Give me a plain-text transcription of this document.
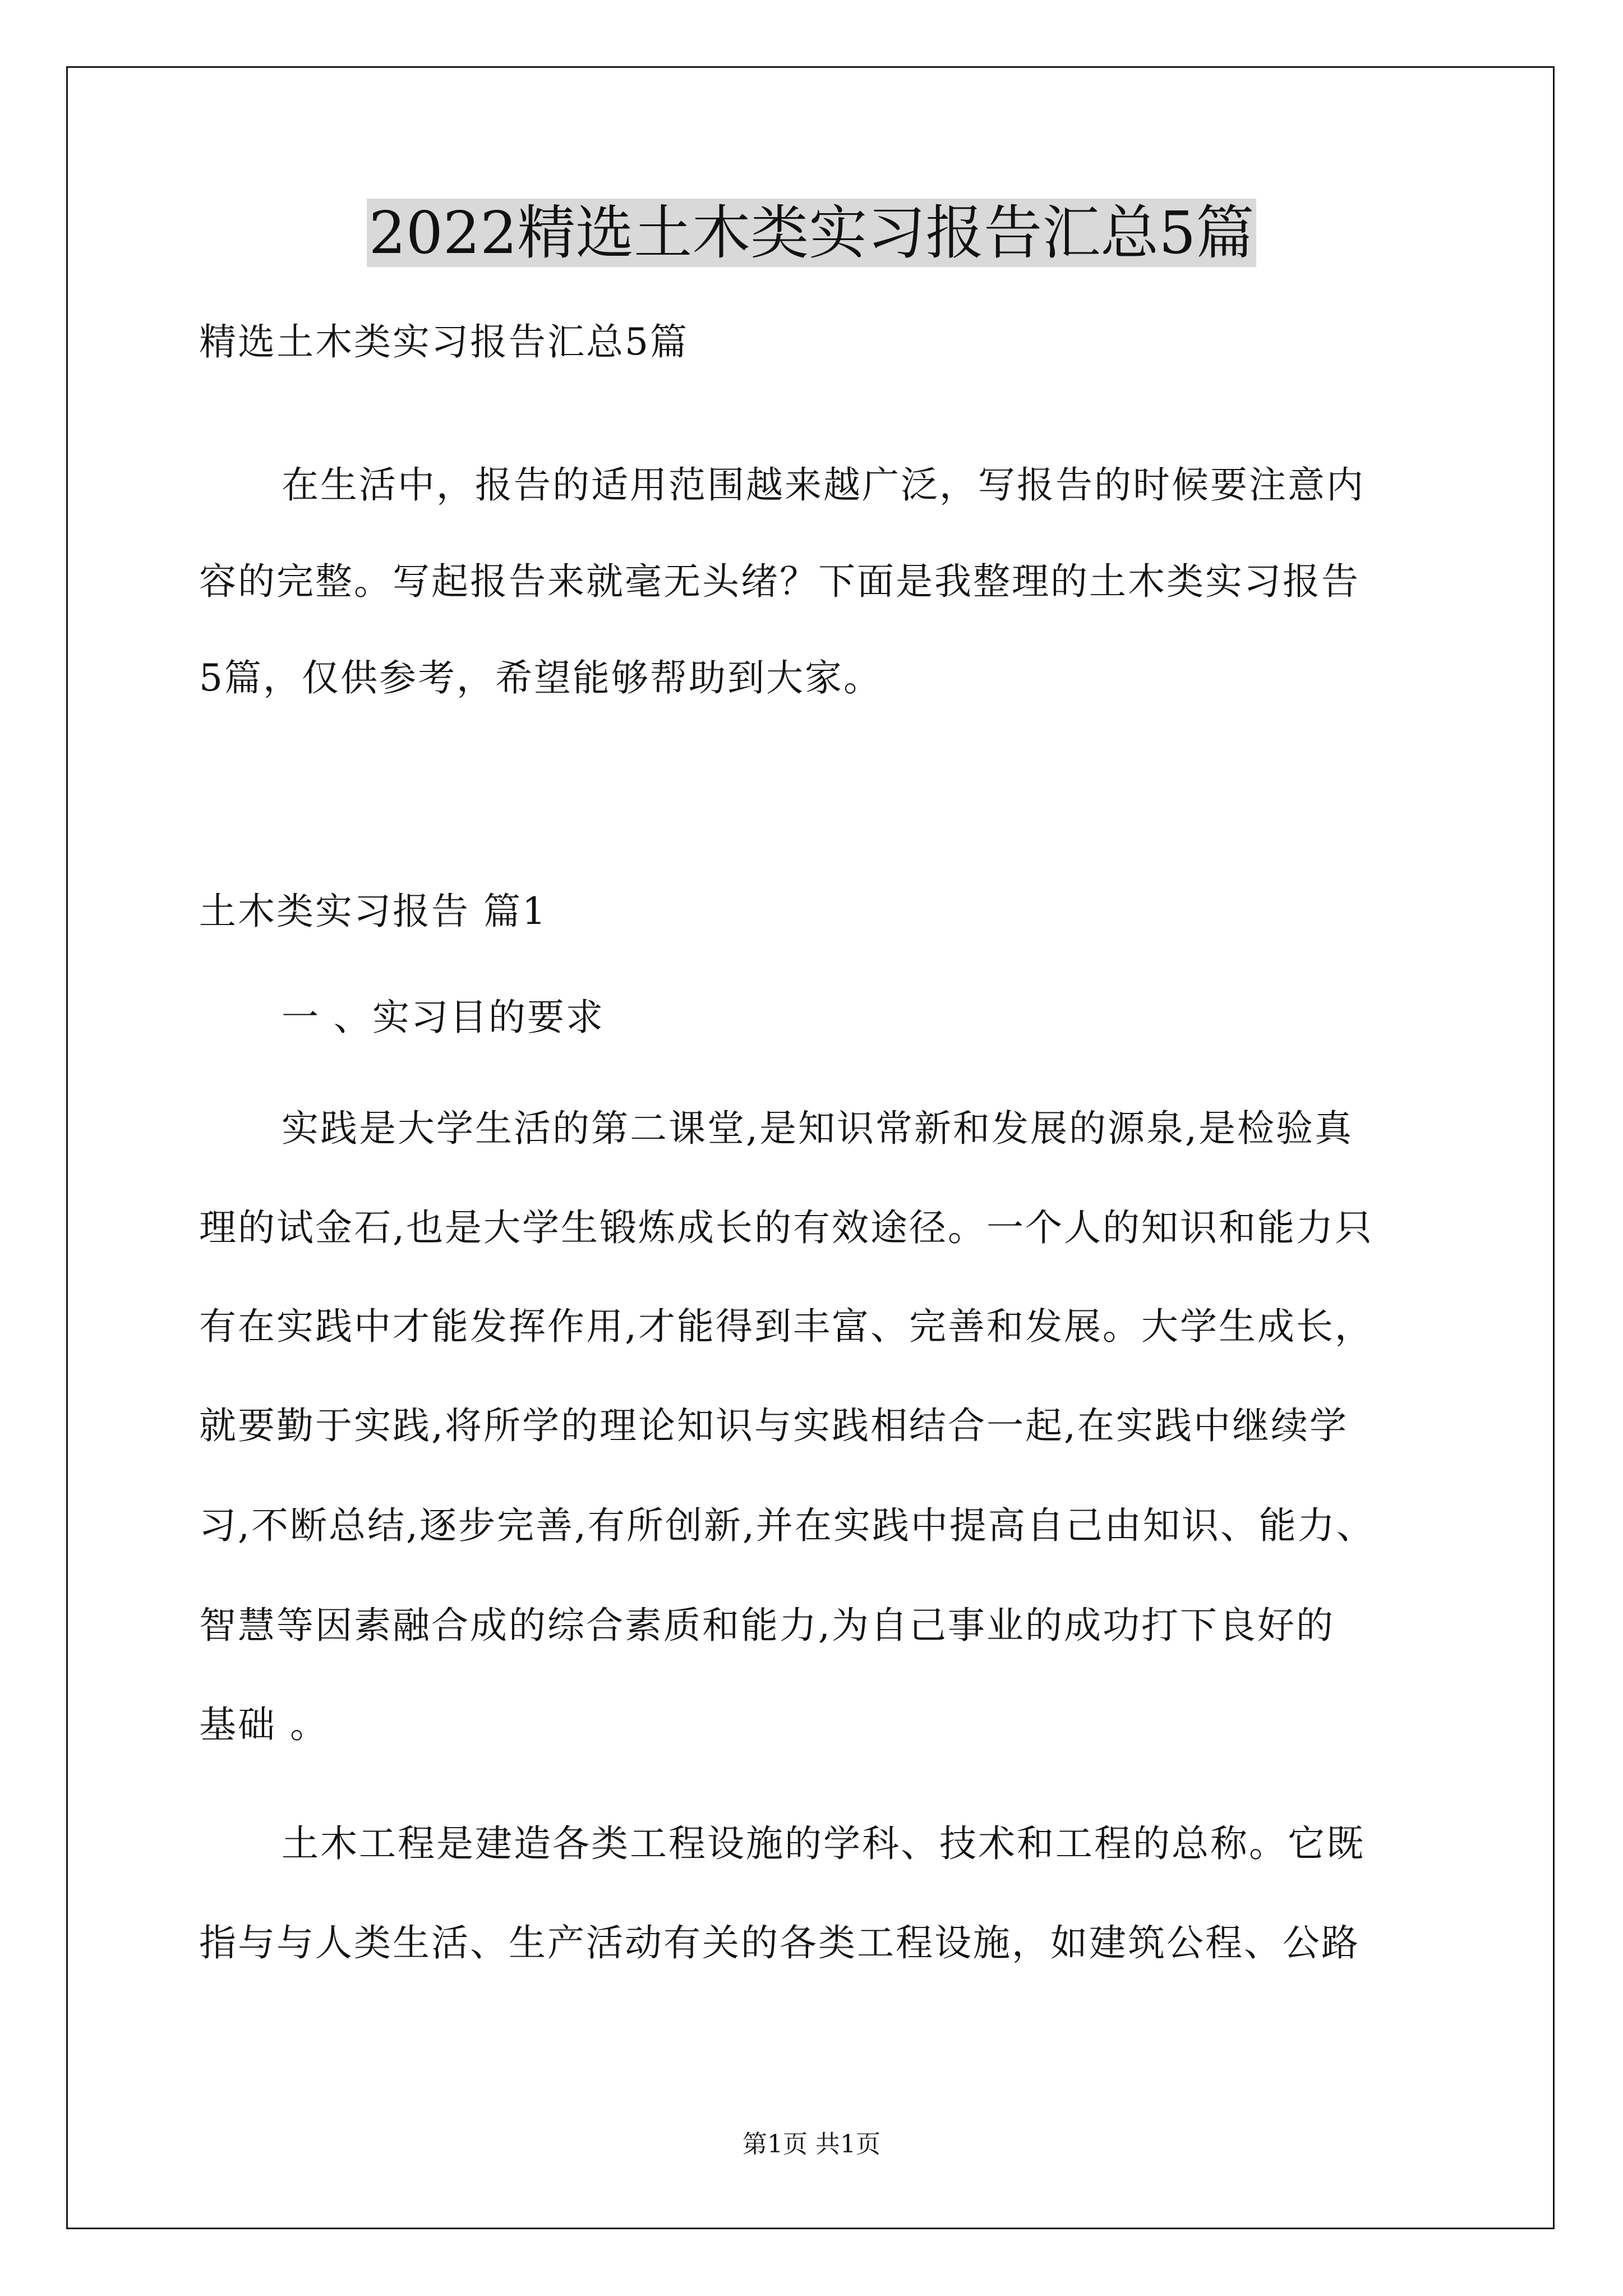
2022精选土木类实习报告汇总5篇
精选土木类实习报告汇总5篇
在生活中，报告的适用范围越来越广泛，写报告的时候要注意内
容的完整。写起报告来就毫无头绪？下面是我整理的土木类实习报告
5篇，仅供参考，希望能够帮助到大家。
土木类实习报告 篇1
一 、实习目的要求
实践是大学生活的第二课堂,是知识常新和发展的源泉,是检验真
理的试金石,也是大学生锻炼成长的有效途径。一个人的知识和能力只
有在实践中才能发挥作用,才能得到丰富、完善和发展。大学生成长，
就要勤于实践,将所学的理论知识与实践相结合一起,在实践中继续学
习,不断总结,逐步完善,有所创新,并在实践中提高自己由知识、能力、
智慧等因素融合成的综合素质和能力,为自己事业的成功打下良好的
基础 。
土木工程是建造各类工程设施的学科、技术和工程的总称。它既
指与与人类生活、生产活动有关的各类工程设施，如建筑公程、公路
第1页 共1页
